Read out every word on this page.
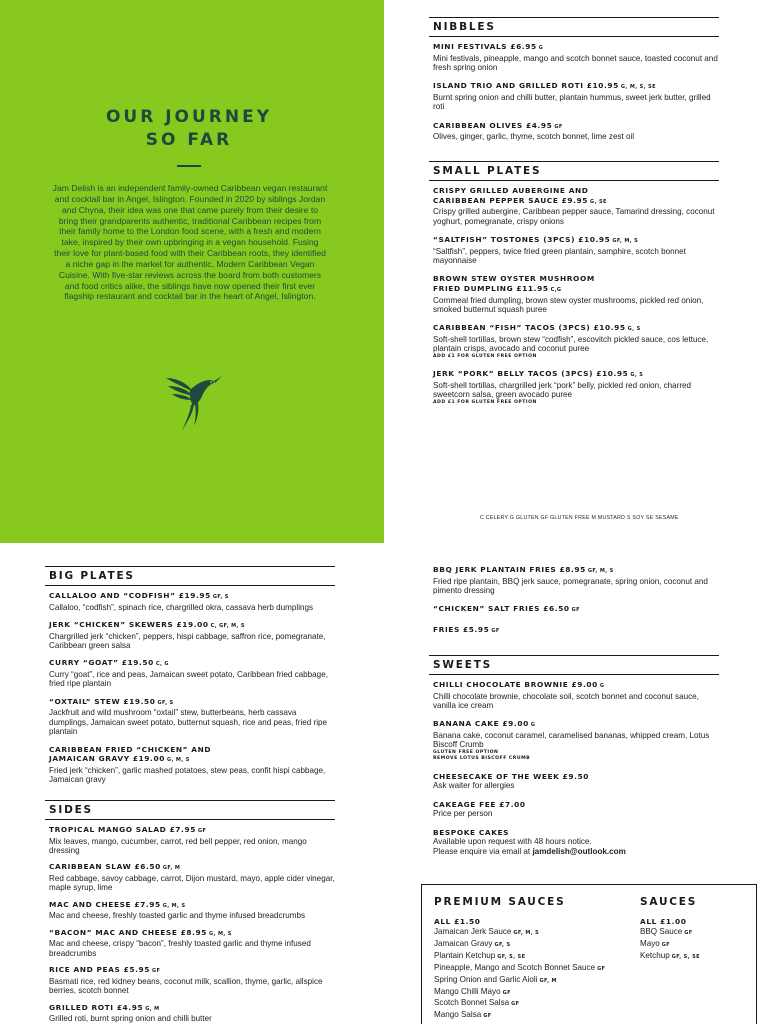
OUR JOURNEY
SO FAR

Jam Delish is an independent family-owned Caribbean vegan restaurant and cocktail bar in Angel, Islington. Founded in 2020 by siblings Jordan and Chyna, their idea was one that came purely from their desire to bring their grandparents authentic, traditional Caribbean recipes from their family home to the London food scene, with a fresh and modern take, inspired by their own upbringing in a vegan household. Fusing their love for plant-based food with their Caribbean roots, they identified a niche gap in the market for authentic, Modern Caribbean Vegan Cuisine. With five-star reviews across the board from both customers and food critics alike, the siblings have now opened their first ever flagship restaurant and cocktail bar in the heart of Angel, Islington.

NIBBLES
MINI FESTIVALS £6.95 G
Mini festivals, pineapple, mango and scotch bonnet sauce, toasted coconut and fresh spring onion
ISLAND TRIO AND GRILLED ROTI £10.95 G, M, S, SE
Burnt spring onion and chilli butter, plantain hummus, sweet jerk butter, grilled roti
CARIBBEAN OLIVES £4.95 GF
Olives, ginger, garlic, thyme, scotch bonnet, lime zest oil
SMALL PLATES
CRISPY GRILLED AUBERGINE AND CARIBBEAN PEPPER SAUCE £9.95 G, SE
Crispy grilled aubergine, Caribbean pepper sauce, Tamarind dressing, coconut yoghurt, pomegranate, crispy onions
“SALTFISH” TOSTONES (3PCS) £10.95 GF, M, S
“Saltfish”, peppers, twice fried green plantain, samphire, scotch bonnet mayonnaise
BROWN STEW OYSTER MUSHROOM FRIED DUMPLING £11.95 C,G
Cornmeal fried dumpling, brown stew oyster mushrooms, pickled red onion, smoked butternut squash puree
CARIBBEAN “FISH” TACOS (3PCS) £10.95 G, S
Soft-shell tortillas, brown stew “codfish”, escovitch pickled sauce, cos lettuce, plantain crisps, avocado and coconut puree
ADD £1 FOR GLUTEN FREE OPTION
JERK “PORK” BELLY TACOS (3PCS) £10.95 G, S
Soft-shell tortillas, chargrilled jerk “pork” belly, pickled red onion, charred sweetcorn salsa, green avocado puree
ADD £1 FOR GLUTEN FREE OPTION
C CELERY G GLUTEN GF GLUTEN FREE M MUSTARD S SOY SE SESAME
BIG PLATES
CALLALOO AND “CODFISH” £19.95 GF, S
Callaloo, “codfish”, spinach rice, chargrilled okra, cassava herb dumplings
JERK “CHICKEN” SKEWERS £19.00 C, GF, M, S
Chargrilled jerk “chicken”, peppers, hispi cabbage, saffron rice, pomegranate, Caribbean green salsa
CURRY “GOAT” £19.50 C, G
Curry “goat”, rice and peas, Jamaican sweet potato, Caribbean fried cabbage, fried ripe plantain
“OXTAIL” STEW £19.50 GF, S
Jackfruit and wild mushroom “oxtail” stew, butterbeans, herb cassava dumplings, Jamaican sweet potato, butternut squash, rice and peas, fried ripe plantain
CARIBBEAN FRIED “CHICKEN” AND JAMAICAN GRAVY £19.00 G, M, S
Fried jerk “chicken”, garlic mashed potatoes, stew peas, confit hispi cabbage, Jamaican gravy
SIDES
TROPICAL MANGO SALAD £7.95 GF
Mix leaves, mango, cucumber, carrot, red bell pepper, red onion, mango dressing
CARIBBEAN SLAW £6.50 GF, M
Red cabbage, savoy cabbage, carrot, Dijon mustard, mayo, apple cider vinegar, maple syrup, lime
MAC AND CHEESE £7.95 G, M, S
Mac and cheese, freshly toasted garlic and thyme infused breadcrumbs
“BACON” MAC AND CHEESE £8.95 G, M, S
Mac and cheese, crispy “bacon”, freshly toasted garlic and thyme infused breadcrumbs
RICE AND PEAS £5.95 GF
Basmati rice, red kidney beans, coconut milk, scallion, thyme, garlic, allspice berries, scotch bonnet
GRILLED ROTI £4.95 G, M
Grilled roti, burnt spring onion and chilli butter
BBQ JERK PLANTAIN FRIES £8.95 GF, M, S
Fried ripe plantain, BBQ jerk sauce, pomegranate, spring onion, coconut and pimento dressing
“CHICKEN” SALT FRIES £6.50 GF
FRIES £5.95 GF
SWEETS
CHILLI CHOCOLATE BROWNIE £9.00 G
Chilli chocolate brownie, chocolate soil, scotch bonnet and coconut sauce, vanilla ice cream
BANANA CAKE £9.00 G
Banana cake, coconut caramel, caramelised bananas, whipped cream, Lotus Biscoff Crumb
GLUTEN FREE OPTION
REMOVE LOTUS BISCOFF CRUMB
CHEESECAKE OF THE WEEK £9.50
Ask waiter for allergies
CAKEAGE FEE £7.00
Price per person
BESPOKE CAKES
Available upon request with 48 hours notice.
Please enquire via email at jamdelish@outlook.com
PREMIUM SAUCES
ALL £1.50
Jamaican Jerk Sauce GF, M, S
Jamaican Gravy GF, S
Plantain Ketchup GF, S, SE
Pineapple, Mango and Scotch Bonnet Sauce GF
Spring Onion and Garlic Aioli GF, M
Mango Chilli Mayo GF
Scotch Bonnet Salsa GF
Mango Salsa GF
SAUCES
ALL £1.00
BBQ Sauce GF
Mayo GF
Ketchup GF, S, SE
